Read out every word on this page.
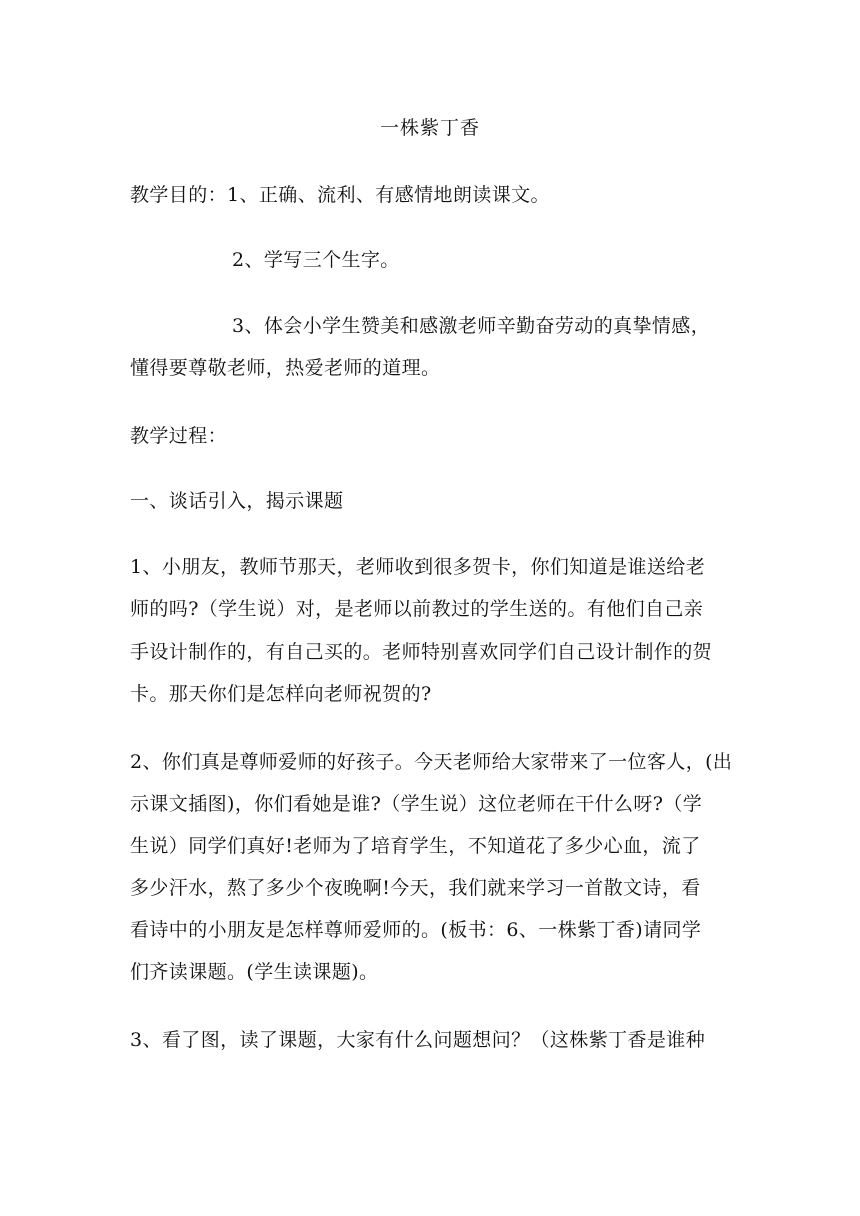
一株紫丁香
教学目的：1、正确、流利、有感情地朗读课文。
2、学写三个生字。
3、体会小学生赞美和感激老师辛勤奋劳动的真挚情感，
懂得要尊敬老师，热爱老师的道理。
教学过程：
一、谈话引入，揭示课题
1、小朋友，教师节那天，老师收到很多贺卡，你们知道是谁送给老
师的吗?（学生说）对，是老师以前教过的学生送的。有他们自己亲
手设计制作的，有自己买的。老师特别喜欢同学们自己设计制作的贺
卡。那天你们是怎样向老师祝贺的?
2、你们真是尊师爱师的好孩子。今天老师给大家带来了一位客人，(出
示课文插图)，你们看她是谁?（学生说）这位老师在干什么呀?（学
生说）同学们真好!老师为了培育学生，不知道花了多少心血，流了
多少汗水，熬了多少个夜晚啊!今天，我们就来学习一首散文诗，看
看诗中的小朋友是怎样尊师爱师的。(板书：6、一株紫丁香)请同学
们齐读课题。(学生读课题)。
3、看了图，读了课题，大家有什么问题想问？（这株紫丁香是谁种
